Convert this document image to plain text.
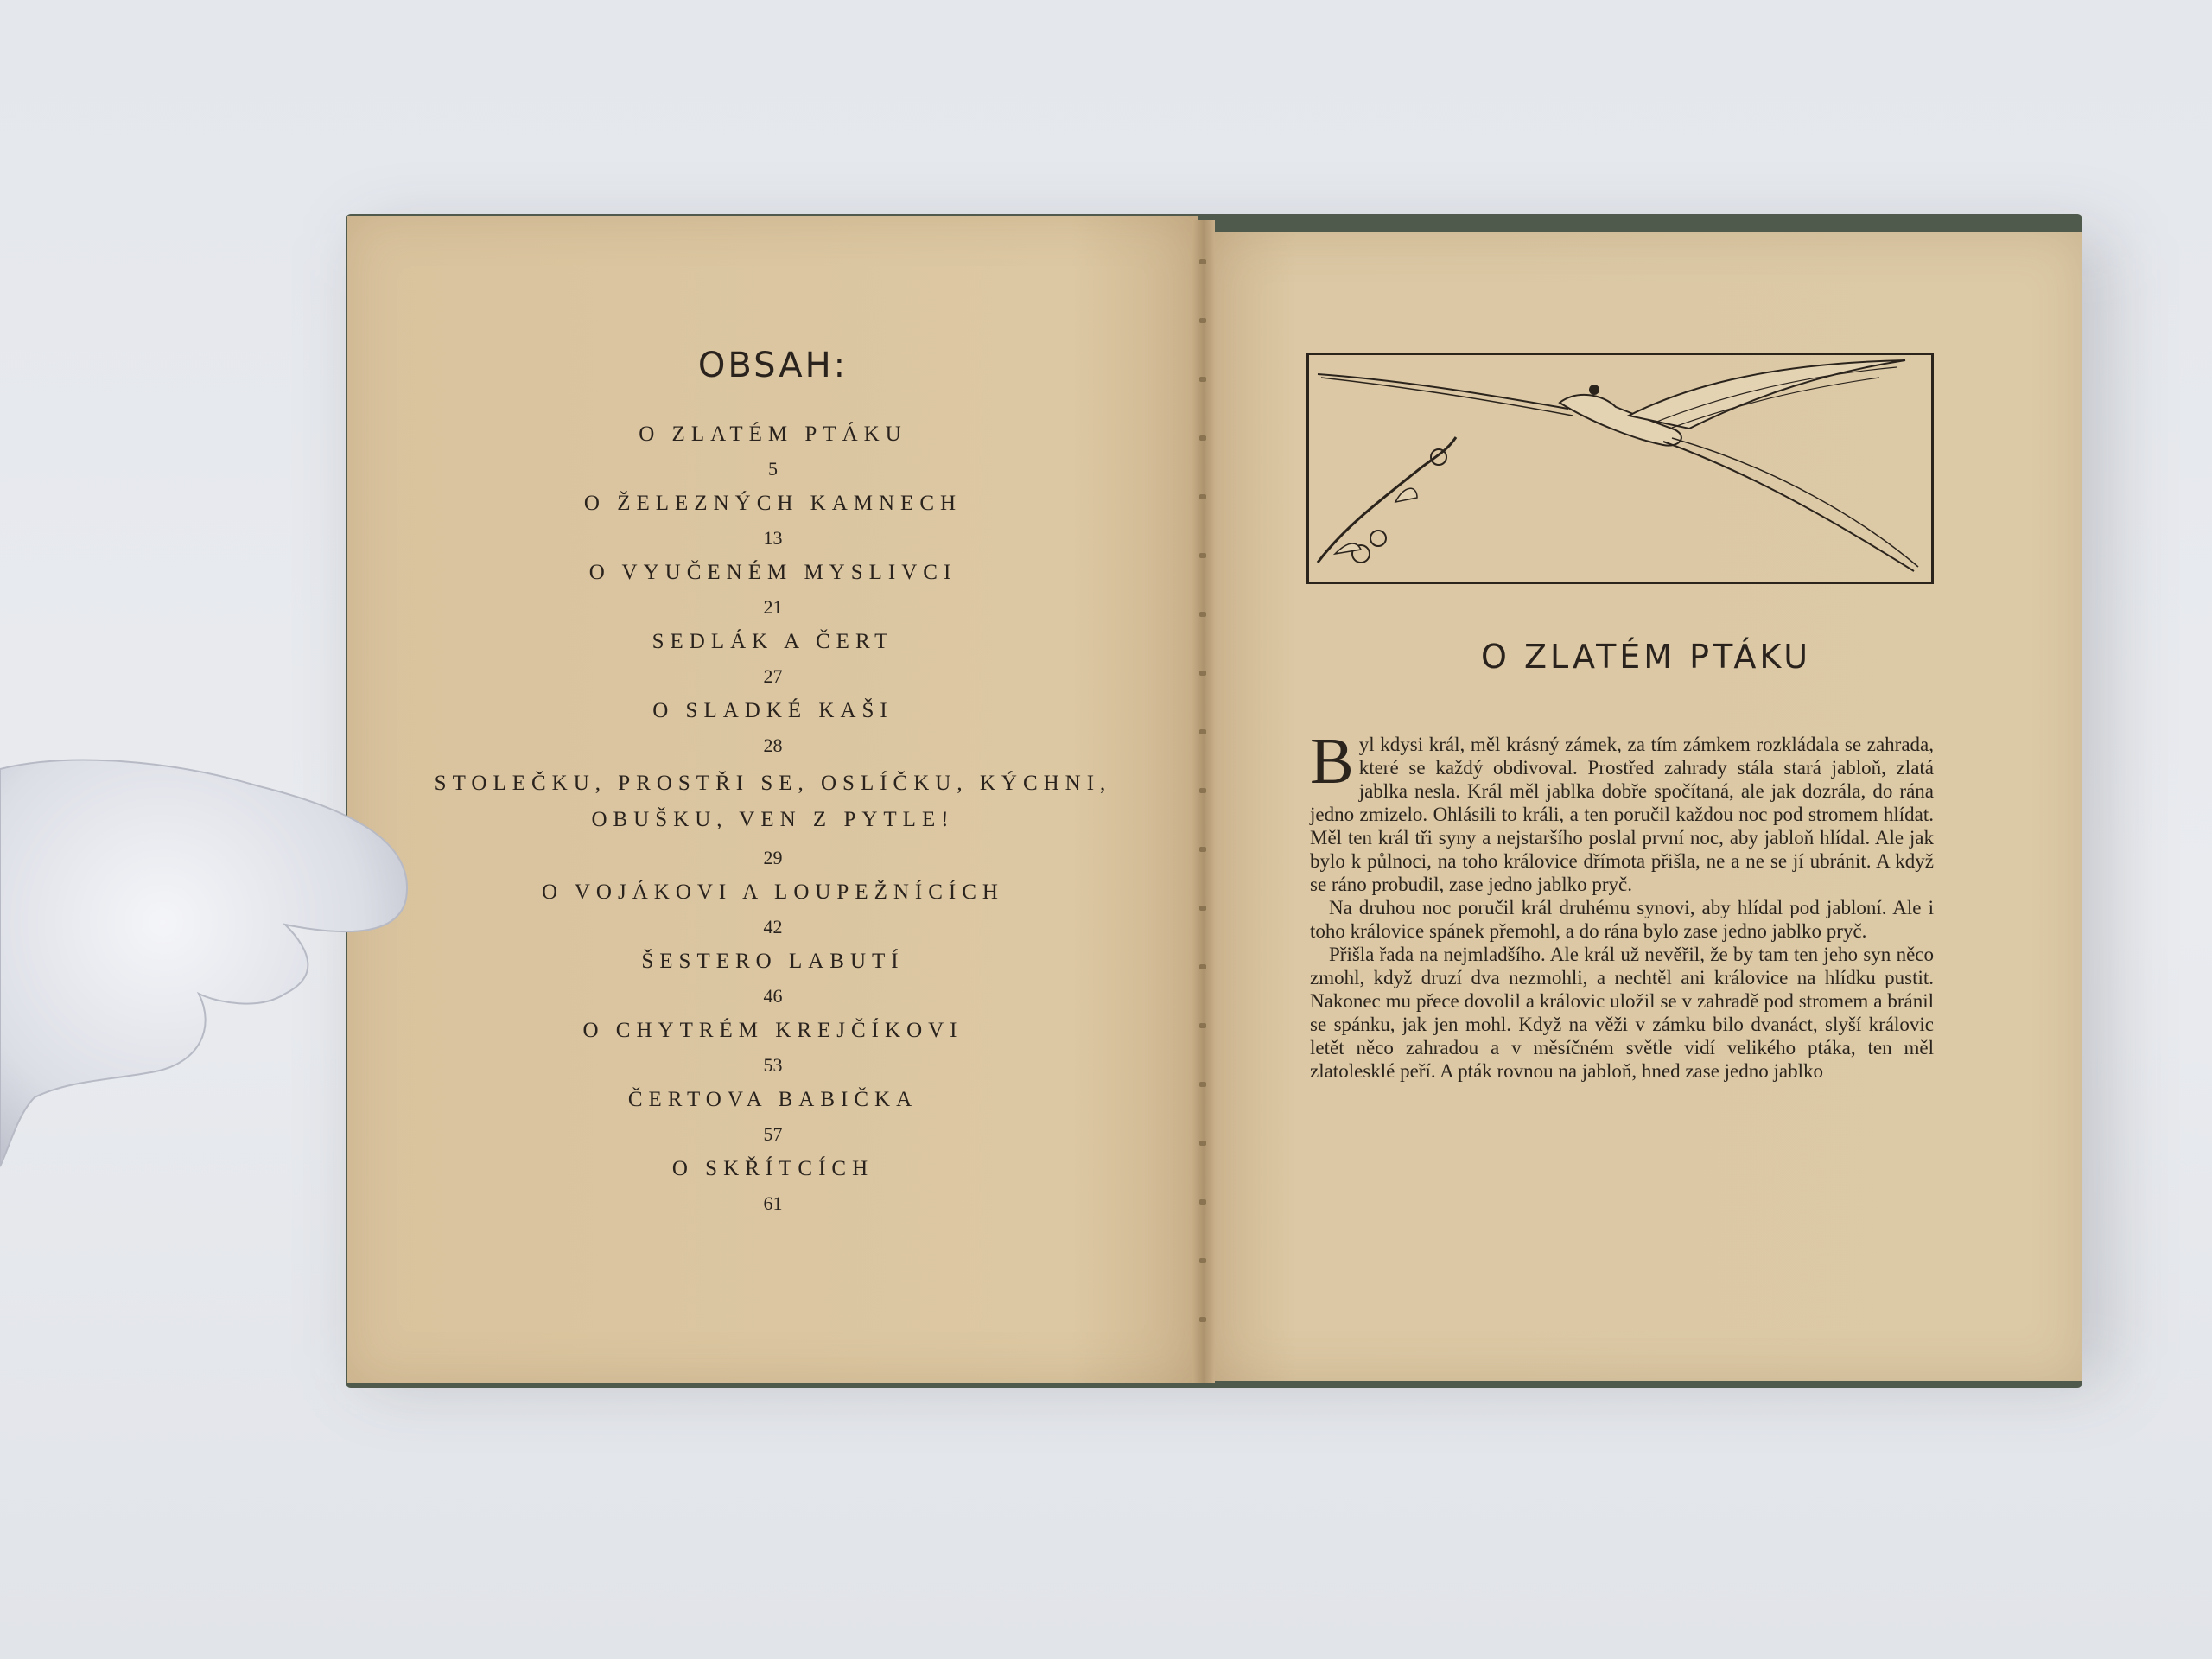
OBSAH:
O ZLATÉM PTÁKU
5
O ŽELEZNÝCH KAMNECH
13
O VYUČENÉM MYSLIVCI
21
SEDLÁK A ČERT
27
O SLADKÉ KAŠI
28
STOLEČKU, PROSTŘI SE, OSLÍČKU, KÝCHNI,
OBUŠKU, VEN Z PYTLE!
29
O VOJÁKOVI A LOUPEŽNÍCÍCH
42
ŠESTERO LABUTÍ
46
O CHYTRÉM KREJČÍKOVI
53
ČERTOVA BABIČKA
57
O SKŘÍTCÍCH
61
O ZLATÉM PTÁKU

Byl kdysi král, měl krásný zámek, za tím zámkem rozkládala se zahrada, které se každý obdivoval. Prostřed zahrady stála stará jabloň, zlatá jablka nesla. Král měl jablka dobře spočítaná, ale jak dozrála, do rána jedno zmizelo. Ohlásili to králi, a ten poručil každou noc pod stromem hlídat. Měl ten král tři syny a nejstaršího poslal první noc, aby jabloň hlídal. Ale jak bylo k půlnoci, na toho královice dřímota přišla, ne a ne se jí ubránit. A když se ráno probudil, zase jedno jablko pryč.

Na druhou noc poručil král druhému synovi, aby hlídal pod jabloní. Ale i toho královice spánek přemohl, a do rána bylo zase jedno jablko pryč.

Přišla řada na nejmladšího. Ale král už nevěřil, že by tam ten jeho syn něco zmohl, když druzí dva nezmohli, a nechtěl ani královice na hlídku pustit. Nakonec mu přece dovolil a královic uložil se v zahradě pod stromem a bránil se spánku, jak jen mohl. Když na věži v zámku bilo dvanáct, slyší královic letět něco zahradou a v měsíčném světle vidí velikého ptáka, ten měl zlatolesklé peří. A pták rovnou na jabloň, hned zase jedno jablko
